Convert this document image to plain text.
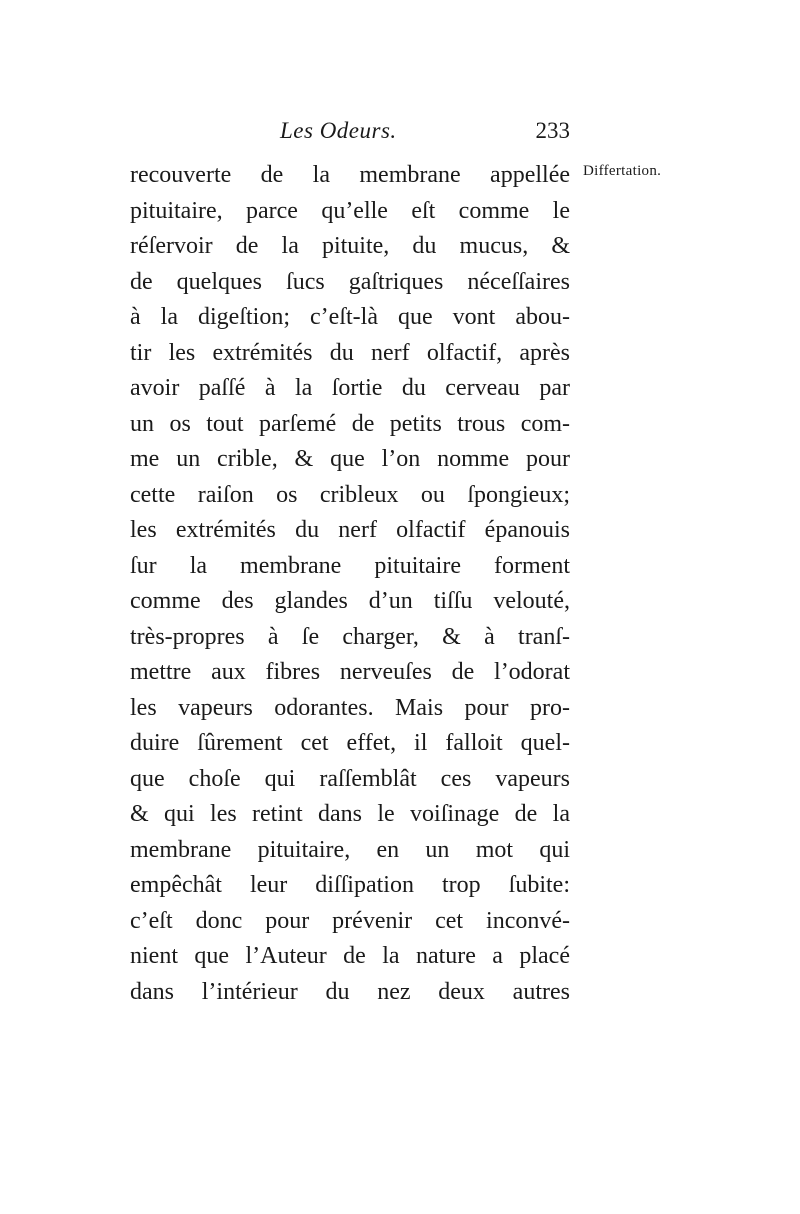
Les Odeurs.	233
Differtation.
recouverte de la membrane appellée
pituitaire, parce qu’elle eſt comme le
réſervoir de la pituite, du mucus, &
de quelques ſucs gaſtriques néceſſaires
à la digeſtion; c’eſt-là que vont abou-
tir les extrémités du nerf olfactif, après
avoir paſſé à la ſortie du cerveau par
un os tout parſemé de petits trous com-
me un crible, & que l’on nomme pour
cette raiſon os cribleux ou ſpongieux;
les extrémités du nerf olfactif épanouis
ſur la membrane pituitaire forment
comme des glandes d’un tiſſu velouté,
très-propres à ſe charger, & à tranſ-
mettre aux fibres nerveuſes de l’odorat
les vapeurs odorantes. Mais pour pro-
duire ſûrement cet effet, il falloit quel-
que choſe qui raſſemblât ces vapeurs
& qui les retint dans le voiſinage de la
membrane pituitaire, en un mot qui
empêchât leur diſſipation trop ſubite:
c’eſt donc pour prévenir cet inconvé-
nient que l’Auteur de la nature a placé
dans l’intérieur du nez deux autres
